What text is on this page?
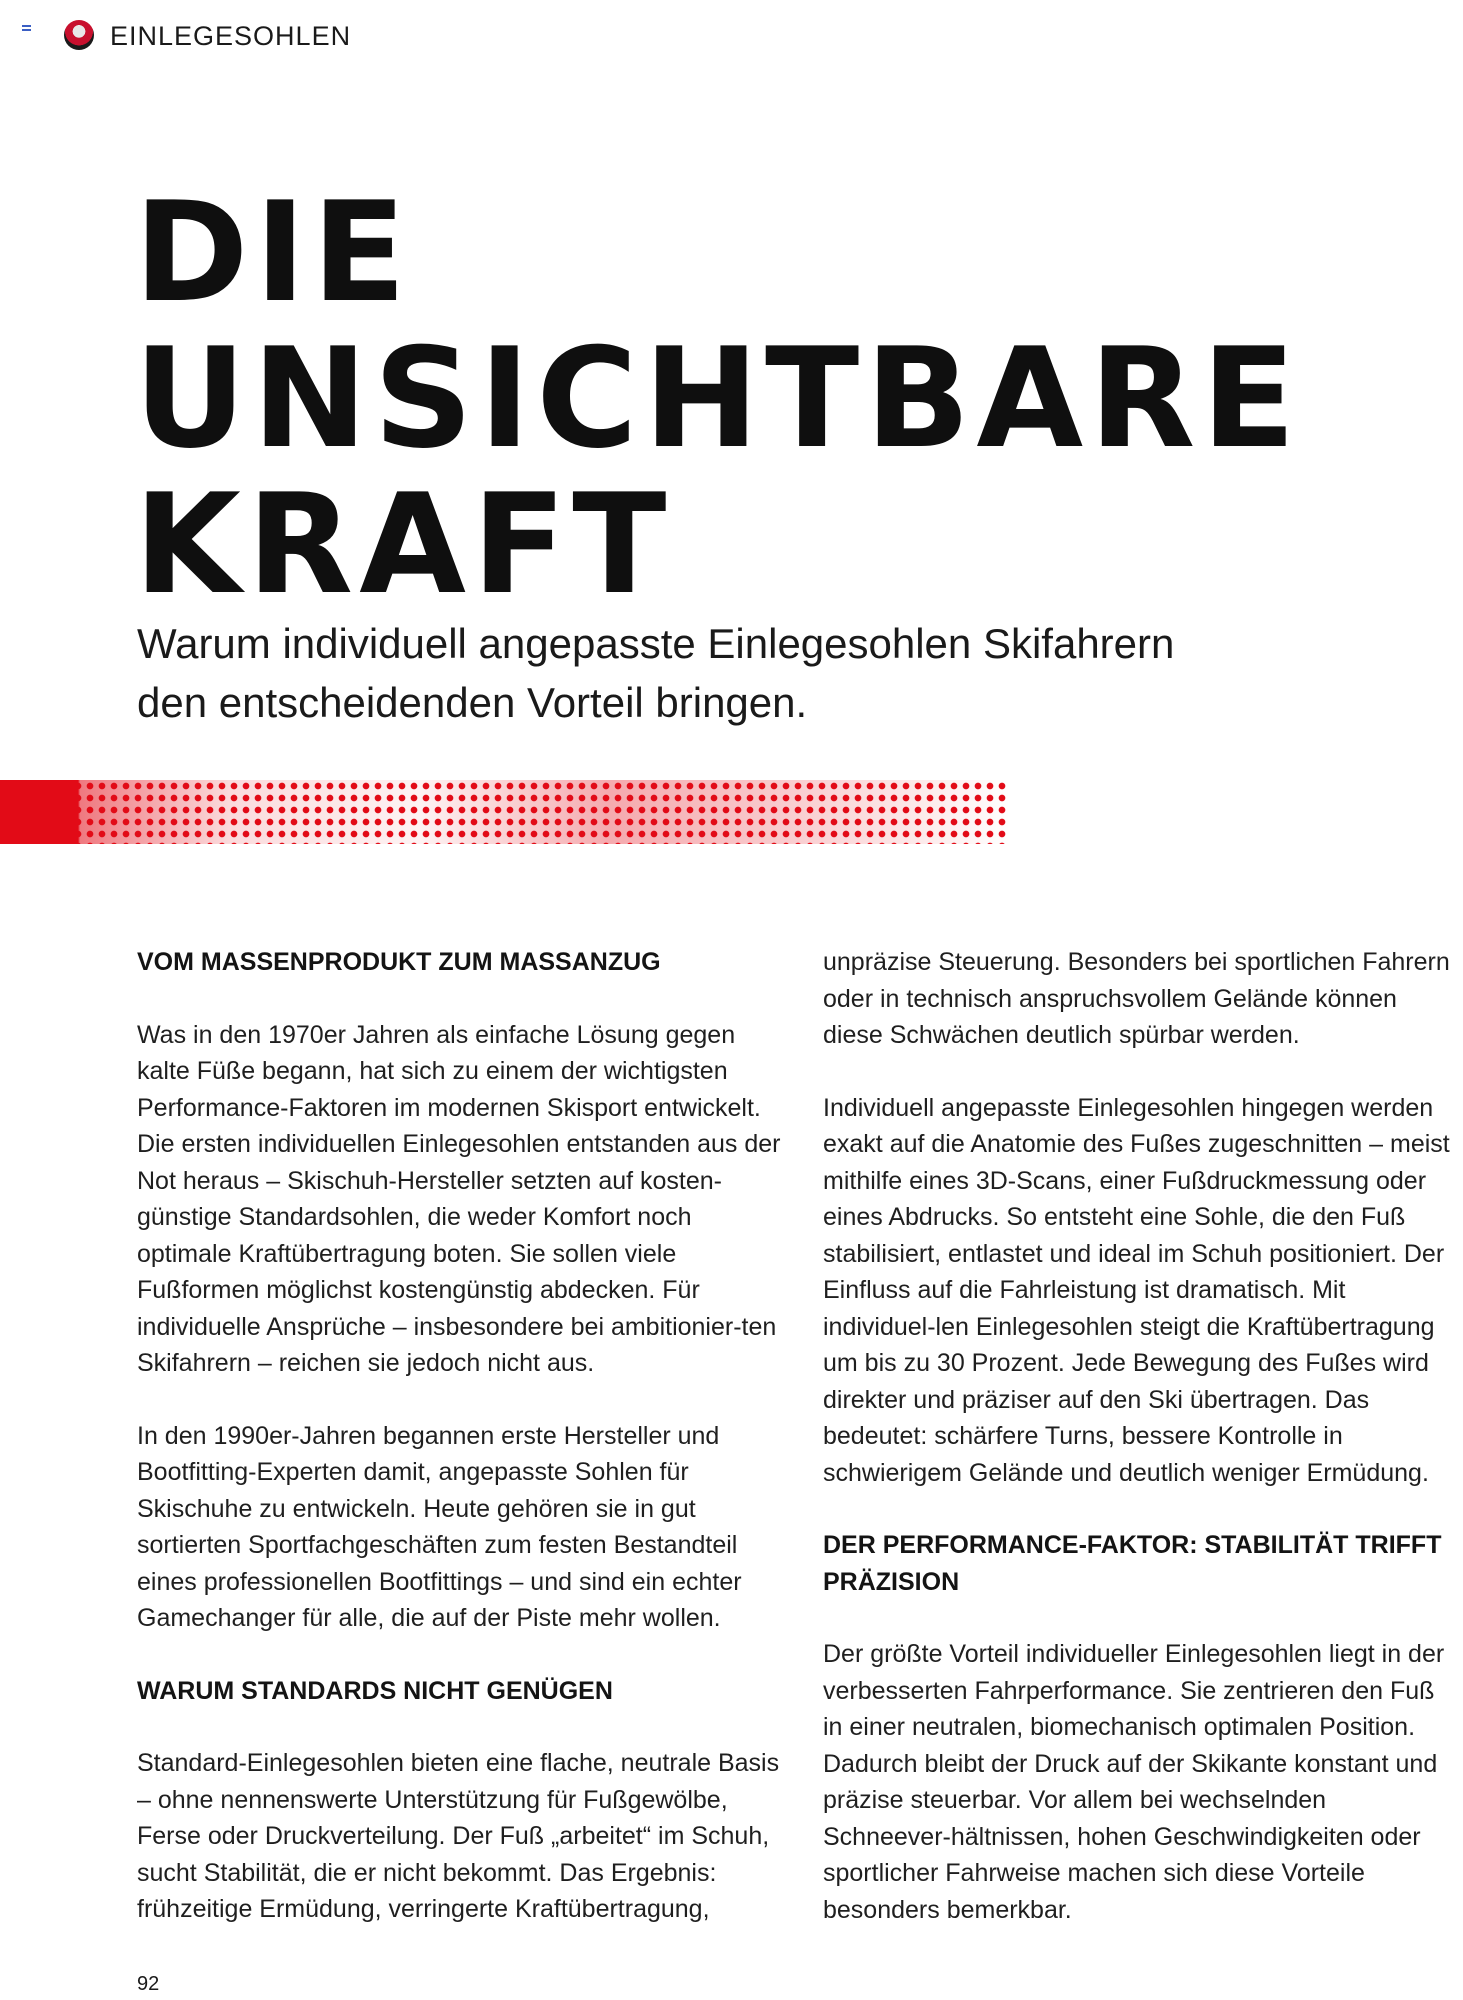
EINLEGESOHLEN
DIE
UNSICHTBARE
KRAFT
Warum individuell angepasste Einlegesohlen Skifahrern
den entscheidenden Vorteil bringen.
VOM MASSENPRODUKT ZUM MASSANZUG

Was in den 1970er Jahren als einfache Lösung gegen kalte Füße begann, hat sich zu einem der wichtigsten Performance-Faktoren im modernen Skisport entwickelt. Die ersten individuellen Einlegesohlen entstanden aus der Not heraus – Skischuh-Hersteller setzten auf kosten-günstige Standardsohlen, die weder Komfort noch optimale Kraftübertragung boten. Sie sollen viele Fußformen möglichst kostengünstig abdecken. Für individuelle Ansprüche – insbesondere bei ambitionier-ten Skifahrern – reichen sie jedoch nicht aus.

In den 1990er-Jahren begannen erste Hersteller und Bootfitting-Experten damit, angepasste Sohlen für Skischuhe zu entwickeln. Heute gehören sie in gut sortierten Sportfachgeschäften zum festen Bestandteil eines professionellen Bootfittings – und sind ein echter Gamechanger für alle, die auf der Piste mehr wollen.

WARUM STANDARDS NICHT GENÜGEN

Standard-Einlegesohlen bieten eine flache, neutrale Basis – ohne nennenswerte Unterstützung für Fußgewölbe, Ferse oder Druckverteilung. Der Fuß „arbeitet“ im Schuh, sucht Stabilität, die er nicht bekommt. Das Ergebnis: frühzeitige Ermüdung, verringerte Kraftübertragung,

unpräzise Steuerung. Besonders bei sportlichen Fahrern oder in technisch anspruchsvollem Gelände können diese Schwächen deutlich spürbar werden.

Individuell angepasste Einlegesohlen hingegen werden exakt auf die Anatomie des Fußes zugeschnitten – meist mithilfe eines 3D-Scans, einer Fußdruckmessung oder eines Abdrucks. So entsteht eine Sohle, die den Fuß stabilisiert, entlastet und ideal im Schuh positioniert. Der Einfluss auf die Fahrleistung ist dramatisch. Mit individuel-len Einlegesohlen steigt die Kraftübertragung um bis zu 30 Prozent. Jede Bewegung des Fußes wird direkter und präziser auf den Ski übertragen. Das bedeutet: schärfere Turns, bessere Kontrolle in schwierigem Gelände und deutlich weniger Ermüdung.

DER PERFORMANCE-FAKTOR: STABILITÄT TRIFFT PRÄZISION

Der größte Vorteil individueller Einlegesohlen liegt in der verbesserten Fahrperformance. Sie zentrieren den Fuß in einer neutralen, biomechanisch optimalen Position. Dadurch bleibt der Druck auf der Skikante konstant und präzise steuerbar. Vor allem bei wechselnden Schneever-hältnissen, hohen Geschwindigkeiten oder sportlicher Fahrweise machen sich diese Vorteile besonders bemerkbar.

92
